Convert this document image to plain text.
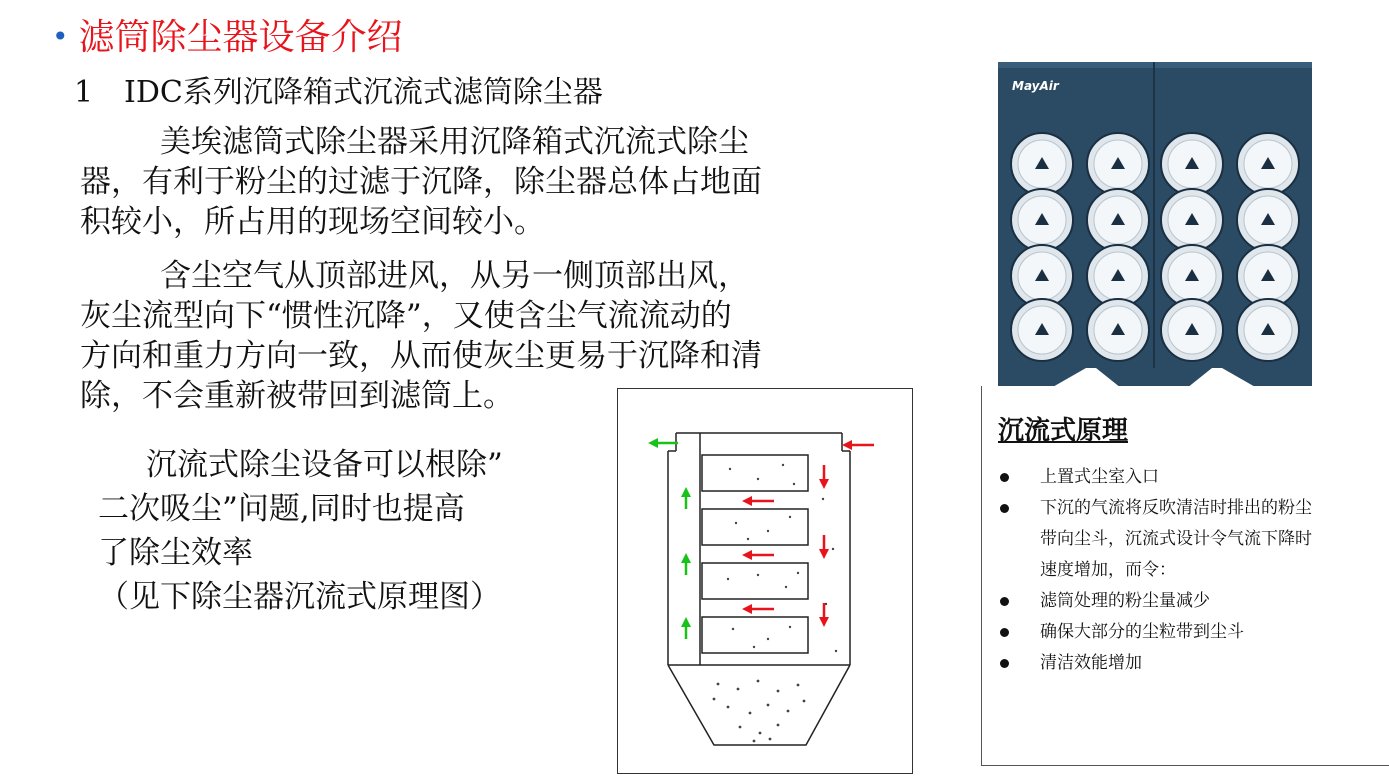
• 滤筒除尘器设备介绍
1 IDC系列沉降箱式沉流式滤筒除尘器

美埃滤筒式除尘器采用沉降箱式沉流式除尘

器，有利于粉尘的过滤于沉降，除尘器总体占地面

积较小，所占用的现场空间较小。

含尘空气从顶部进风，从另一侧顶部出风，

灰尘流型向下“惯性沉降”，又使含尘气流流动的

方向和重力方向一致，从而使灰尘更易于沉降和清

除，不会重新被带回到滤筒上。

沉流式除尘设备可以根除”

二次吸尘”问题,同时也提高

了除尘效率

（见下除尘器沉流式原理图）

MayAir
沉流式原理
上置式尘室入口
下沉的气流将反吹清洁时排出的粉尘
带向尘斗，沉流式设计令气流下降时
速度增加，而令：
滤筒处理的粉尘量减少
确保大部分的尘粒带到尘斗
清洁效能增加
